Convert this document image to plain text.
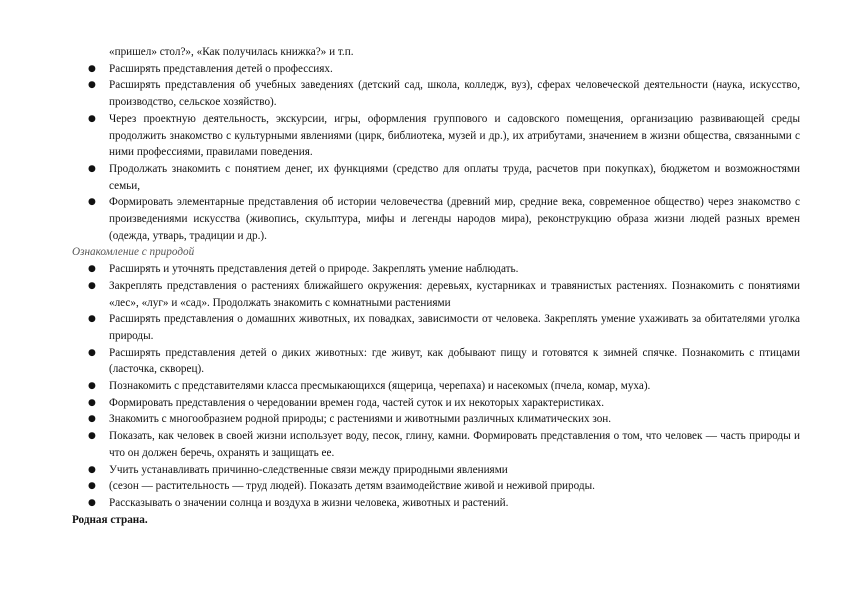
«пришел» стол?», «Как получилась книжка?» и т.п.
● Расширять представления детей о профессиях.
● Расширять представления об учебных заведениях (детский сад, школа, колледж, вуз), сферах человеческой деятельности (наука, искусство, производство, сельское хозяйство).
● Через проектную деятельность, экскурсии, игры, оформления группового и садовского помещения, организацию развивающей среды продолжить знакомство с культурными явлениями (цирк, библиотека, музей и др.), их атрибутами, значением в жизни общества, связанными с ними профессиями, правилами поведения.
● Продолжать знакомить с понятием денег, их функциями (средство для оплаты труда, расчетов при покупках), бюджетом и возможностями семьи,
● Формировать элементарные представления об истории человечества (древний мир, средние века, современное общество) через знакомство с произведениями искусства (живопись, скульптура, мифы и легенды народов мира), реконструкцию образа жизни людей разных времен (одежда, утварь, традиции и др.).

Ознакомление с природой

● Расширять и уточнять представления детей о природе. Закреплять умение наблюдать.
● Закреплять представления о растениях ближайшего окружения: деревьях, кустарниках и травянистых растениях. Познакомить с понятиями «лес», «луг» и «сад». Продолжать знакомить с комнатными растениями
● Расширять представления о домашних животных, их повадках, зависимости от человека. Закреплять умение ухаживать за обитателями уголка природы.
● Расширять представления детей о диких животных: где живут, как добывают пищу и готовятся к зимней спячке. Познакомить с птицами (ласточка, скворец).
● Познакомить с представителями класса пресмыкающихся (ящерица, черепаха) и насекомых (пчела, комар, муха).
● Формировать представления о чередовании времен года, частей суток и их некоторых характеристиках.
● Знакомить с многообразием родной природы; с растениями и животными различных климатических зон.
● Показать, как человек в своей жизни использует воду, песок, глину, камни. Формировать представления о том, что человек — часть природы и что он должен беречь, охранять и защищать ее.
● Учить устанавливать причинно-следственные связи между природными явлениями
● (сезон — растительность — труд людей). Показать детям взаимодействие живой и неживой природы.
● Рассказывать о значении солнца и воздуха в жизни человека, животных и растений.

Родная страна.
